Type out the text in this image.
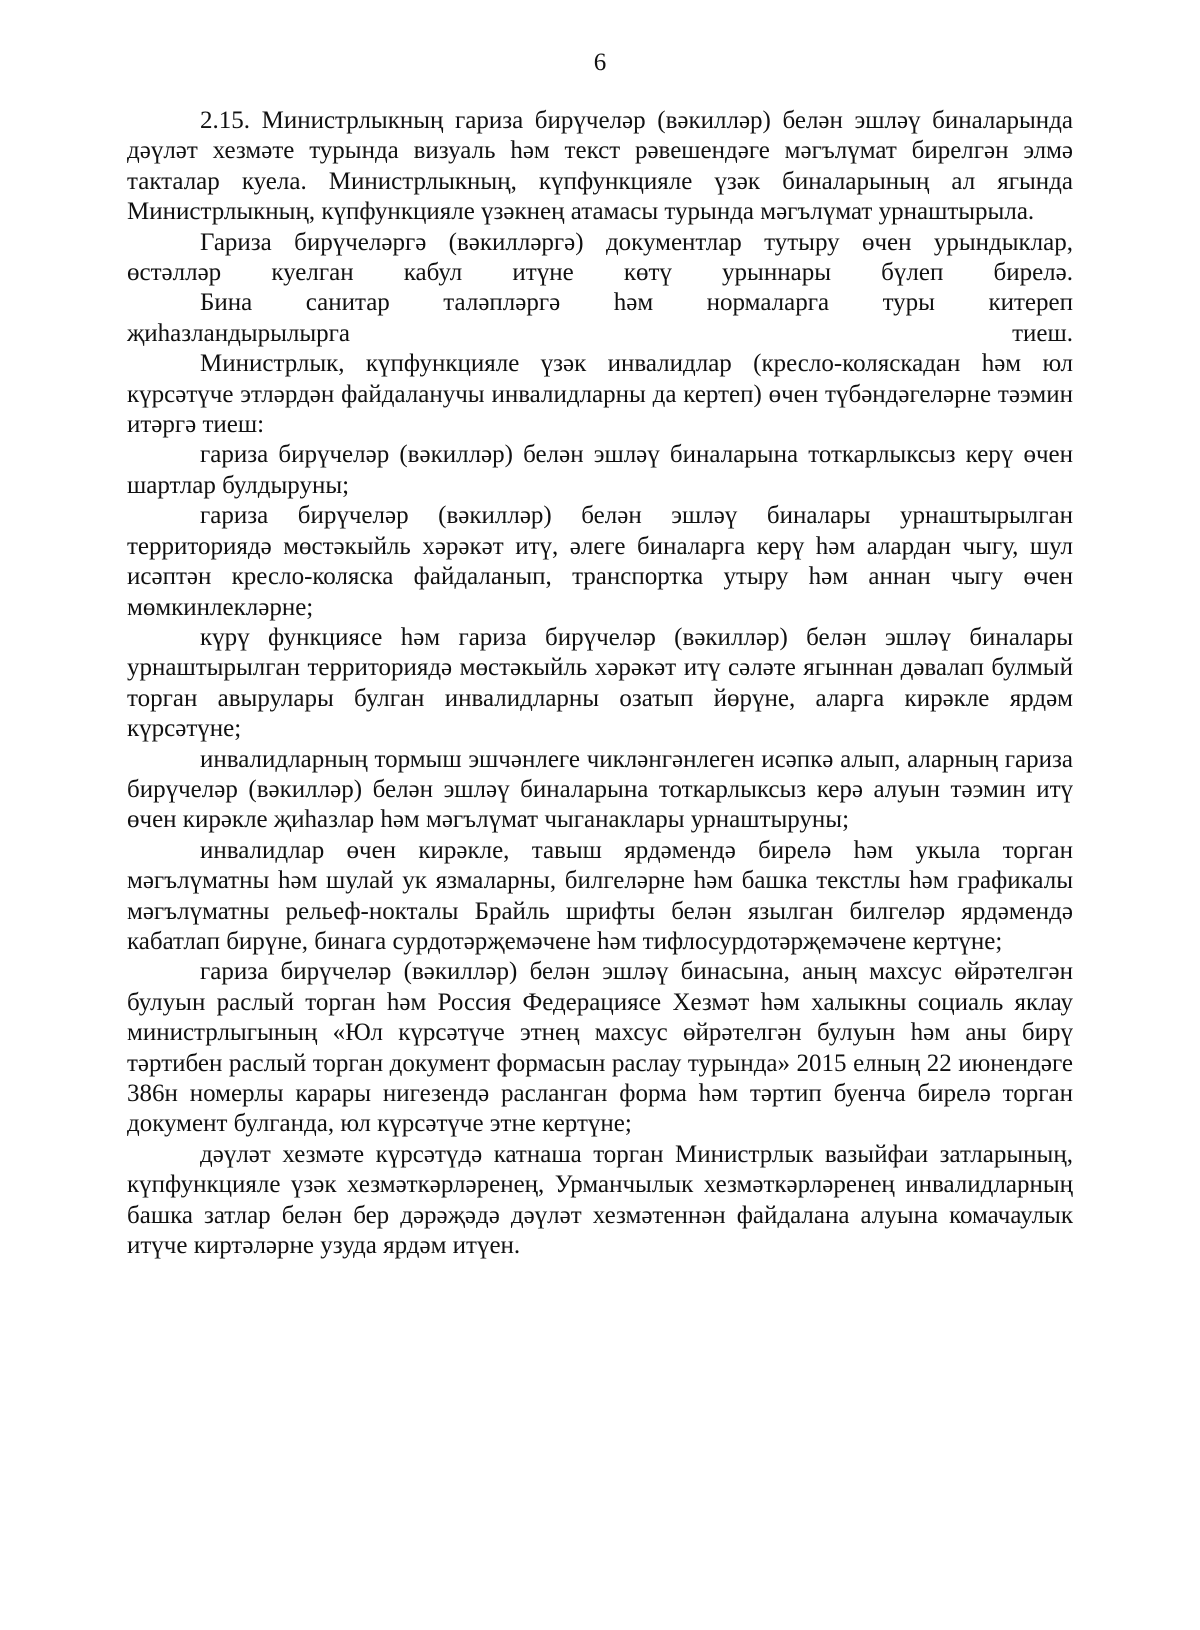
6

2.15. Министрлыкның гариза бирүчеләр (вәкилләр) белән эшләү биналарында дәүләт хезмәте турында визуаль һәм текст рәвешендәге мәгълүмат бирелгән элмә такталар куела. Министрлыкның, күпфункцияле үзәк биналарының ал ягында Министрлыкның, күпфункцияле үзәкнең атамасы турында мәгълүмат урнаштырыла.

Гариза бирүчеләргә (вәкилләргә) документлар тутыру өчен урындыклар, өстәлләр куелган кабул итүне көтү урыннары бүлеп бирелә.

Бина санитар таләпләргә һәм нормаларга туры китереп җиһазландырылырга тиеш.

Министрлык, күпфункцияле үзәк инвалидлар (кресло-коляскадан һәм юл күрсәтүче этләрдән файдаланучы инвалидларны да кертеп) өчен түбәндәгеләрне тәэмин итәргә тиеш:

гариза бирүчеләр (вәкилләр) белән эшләү биналарына тоткарлыксыз керү өчен шартлар булдыруны;

гариза бирүчеләр (вәкилләр) белән эшләү биналары урнаштырылган территориядә мөстәкыйль хәрәкәт итү, әлеге биналарга керү һәм алардан чыгу, шул исәптән кресло-коляска файдаланып, транспортка утыру һәм аннан чыгу өчен мөмкинлекләрне;

күрү функциясе һәм гариза бирүчеләр (вәкилләр) белән эшләү биналары урнаштырылган территориядә мөстәкыйль хәрәкәт итү сәләте ягыннан дәвалап булмый торган авырулары булган инвалидларны озатып йөрүне, аларга кирәкле ярдәм күрсәтүне;

инвалидларның тормыш эшчәнлеге чикләнгәнлеген исәпкә алып, аларның гариза бирүчеләр (вәкилләр) белән эшләү биналарына тоткарлыксыз керә алуын тәэмин итү өчен кирәкле җиһазлар һәм мәгълүмат чыганаклары урнаштыруны;

инвалидлар өчен кирәкле, тавыш ярдәмендә бирелә һәм укыла торган мәгълүматны һәм шулай ук язмаларны, билгеләрне һәм башка текстлы һәм графикалы мәгълүматны рельеф-нокталы Брайль шрифты белән язылган билгеләр ярдәмендә кабатлап бирүне, бинага сурдотәрҗемәчене һәм тифлосурдотәрҗемәчене кертүне;

гариза бирүчеләр (вәкилләр) белән эшләү бинасына, аның махсус өйрәтелгән булуын раслый торган һәм Россия Федерациясе Хезмәт һәм халыкны социаль яклау министрлыгының «Юл күрсәтүче этнең махсус өйрәтелгән булуын һәм аны бирү тәртибен раслый торган документ формасын раслау турында» 2015 елның 22 июнендәге 386н номерлы карары нигезендә расланган форма һәм тәртип буенча бирелә торган документ булганда, юл күрсәтүче этне кертүне;

дәүләт хезмәте күрсәтүдә катнаша торган Министрлык вазыйфаи затларының, күпфункцияле үзәк хезмәткәрләренең, Урманчылык хезмәткәрләренең инвалидларның башка затлар белән бер дәрәҗәдә дәүләт хезмәтеннән файдалана алуына комачаулык итүче киртәләрне узуда ярдәм итүен.
